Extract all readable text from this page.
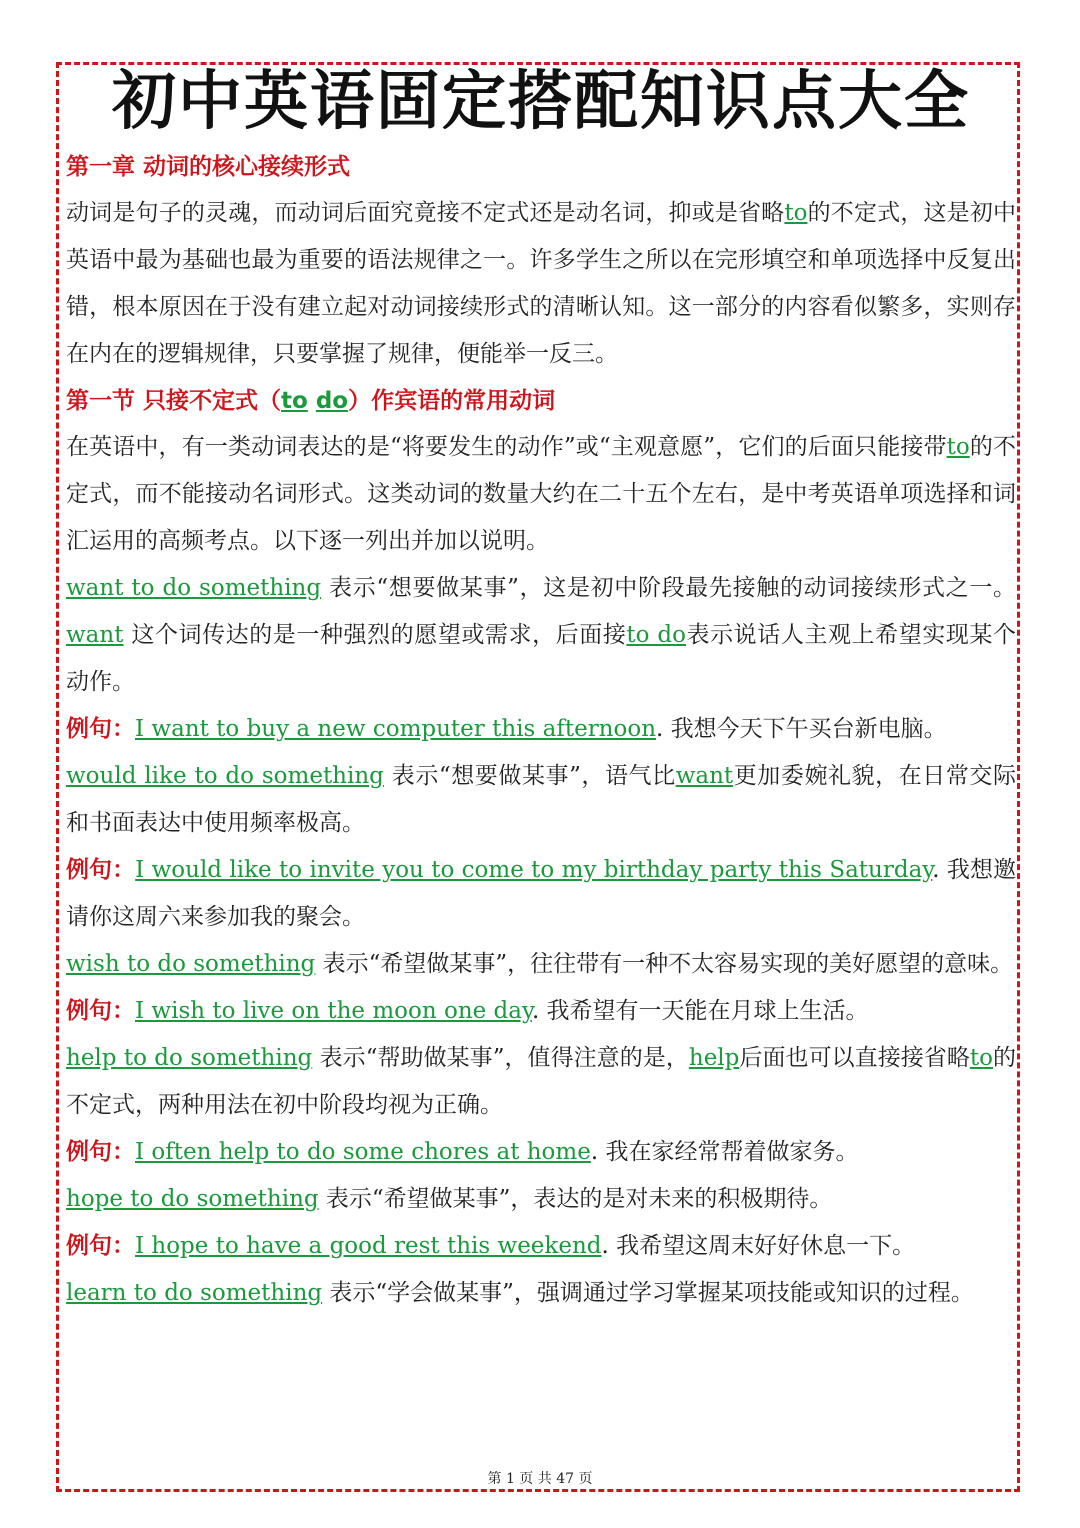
初中英语固定搭配知识点大全

第一章 动词的核心接续形式

动词是句子的灵魂，而动词后面究竟接不定式还是动名词，抑或是省略to的不定式，这是初中英语中最为基础也最为重要的语法规律之一。许多学生之所以在完形填空和单项选择中反复出错，根本原因在于没有建立起对动词接续形式的清晰认知。这一部分的内容看似繁多，实则存在内在的逻辑规律，只要掌握了规律，便能举一反三。

第一节 只接不定式（to do）作宾语的常用动词

在英语中，有一类动词表达的是“将要发生的动作”或“主观意愿”，它们的后面只能接带to的不定式，而不能接动名词形式。这类动词的数量大约在二十五个左右，是中考英语单项选择和词汇运用的高频考点。以下逐一列出并加以说明。

want to do something 表示“想要做某事”，这是初中阶段最先接触的动词接续形式之一。want 这个词传达的是一种强烈的愿望或需求，后面接to do表示说话人主观上希望实现某个动作。

例句：I want to buy a new computer this afternoon. 我想今天下午买台新电脑。

would like to do something 表示“想要做某事”，语气比want更加委婉礼貌，在日常交际和书面表达中使用频率极高。

例句：I would like to invite you to come to my birthday party this Saturday. 我想邀请你这周六来参加我的聚会。

wish to do something 表示“希望做某事”，往往带有一种不太容易实现的美好愿望的意味。

例句：I wish to live on the moon one day. 我希望有一天能在月球上生活。

help to do something 表示“帮助做某事”，值得注意的是，help后面也可以直接接省略to的不定式，两种用法在初中阶段均视为正确。

例句：I often help to do some chores at home. 我在家经常帮着做家务。

hope to do something 表示“希望做某事”，表达的是对未来的积极期待。

例句：I hope to have a good rest this weekend. 我希望这周末好好休息一下。

learn to do something 表示“学会做某事”，强调通过学习掌握某项技能或知识的过程。

第 1 页 共 47 页
